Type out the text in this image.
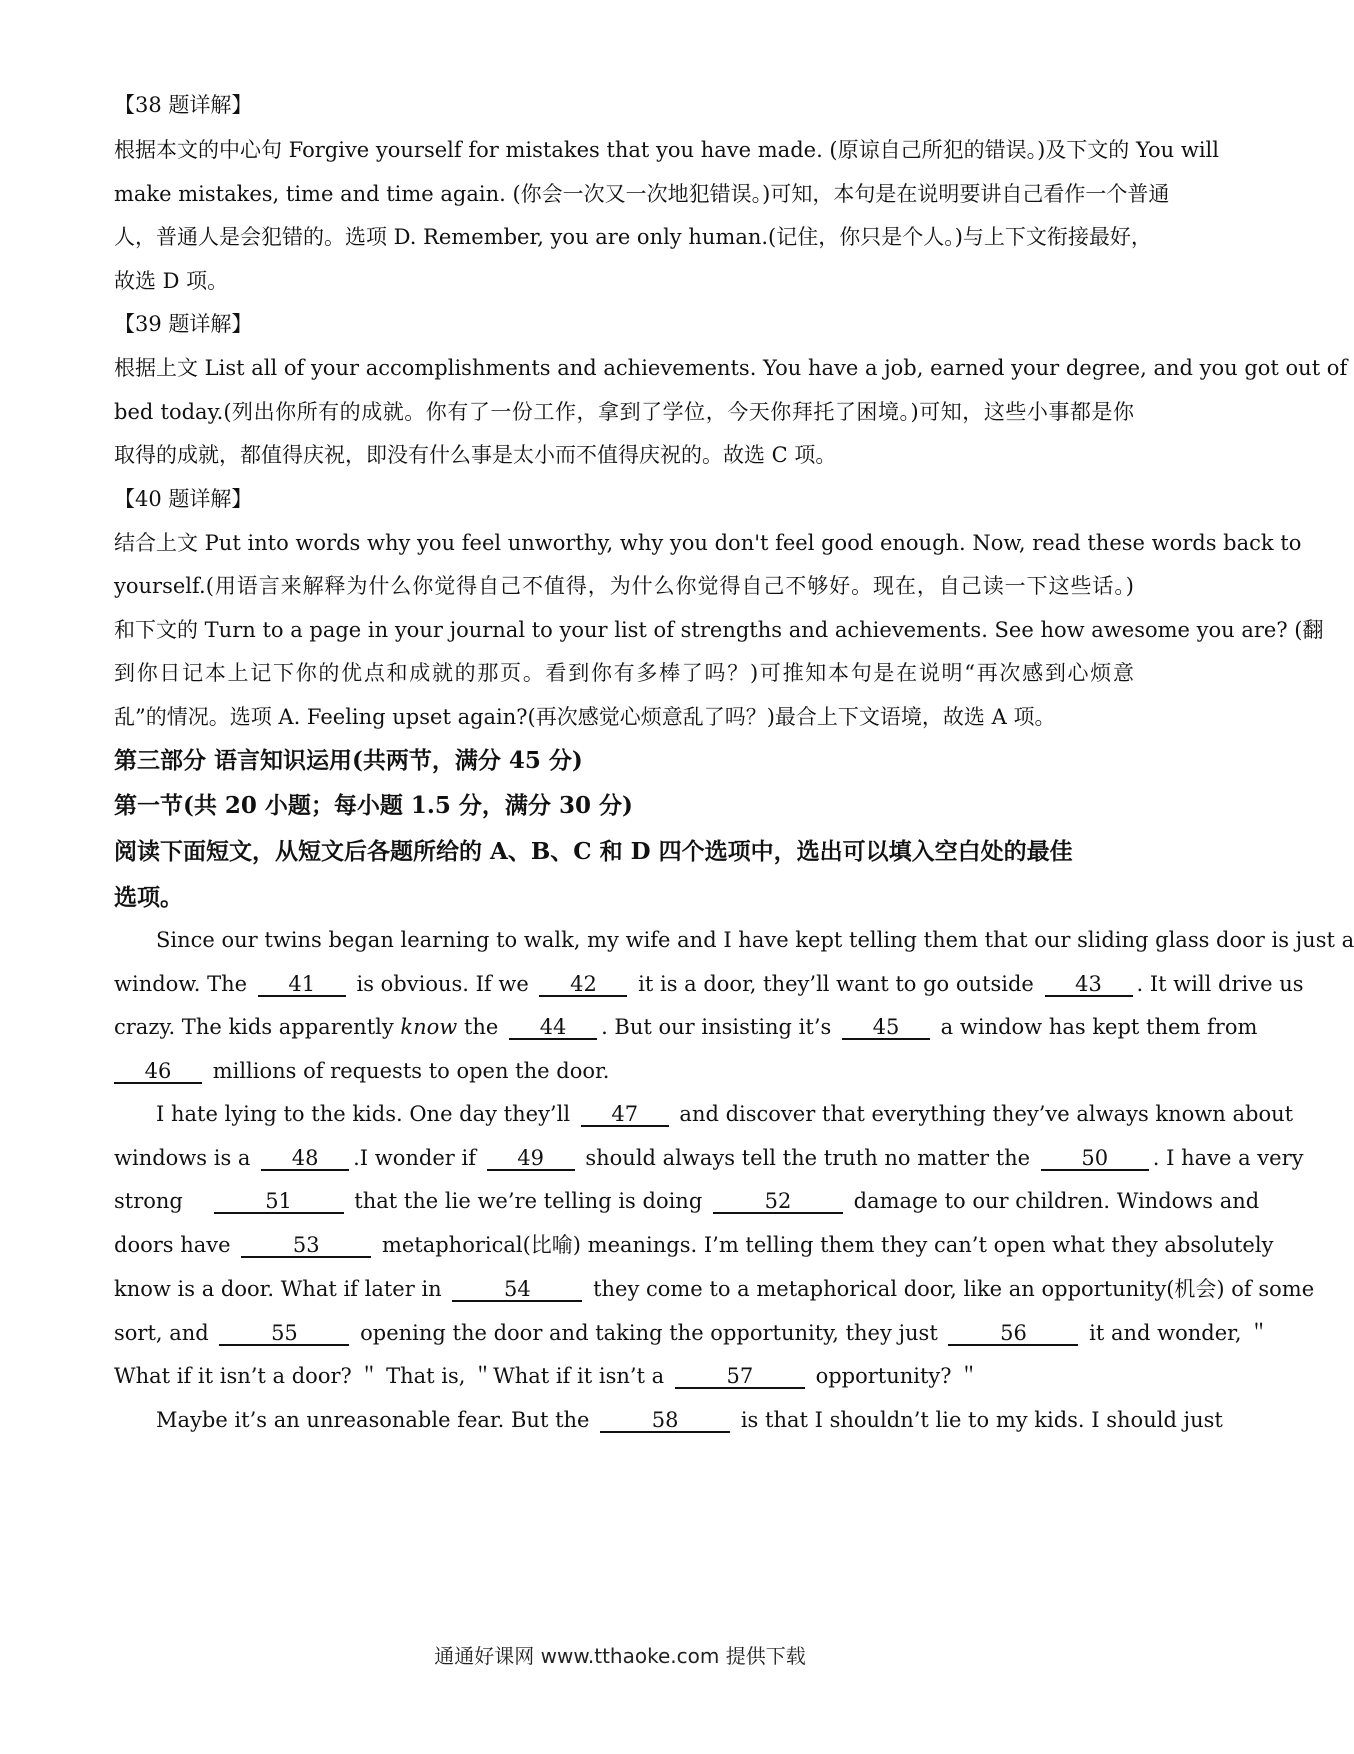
【38 题详解】
根据本文的中心句 Forgive yourself for mistakes that you have made. (原谅自己所犯的错误。)及下文的 You will
make mistakes, time and time again. (你会一次又一次地犯错误。)可知，本句是在说明要讲自己看作一个普通
人，普通人是会犯错的。选项 D. Remember, you are only human.(记住，你只是个人。)与上下文衔接最好，
故选 D 项。
【39 题详解】
根据上文 List all of your accomplishments and achievements. You have a job, earned your degree, and you got out of
bed today.(列出你所有的成就。你有了一份工作，拿到了学位，今天你拜托了困境。)可知，这些小事都是你
取得的成就，都值得庆祝，即没有什么事是太小而不值得庆祝的。故选 C 项。
【40 题详解】
结合上文 Put into words why you feel unworthy, why you don't feel good enough. Now, read these words back to
yourself.(用语言来解释为什么你觉得自己不值得，为什么你觉得自己不够好。现在，自己读一下这些话。)
和下文的 Turn to a page in your journal to your list of strengths and achievements. See how awesome you are? (翻
到你日记本上记下你的优点和成就的那页。看到你有多棒了吗？)可推知本句是在说明“再次感到心烦意
乱”的情况。选项 A. Feeling upset again?(再次感觉心烦意乱了吗？)最合上下文语境，故选 A 项。
第三部分 语言知识运用(共两节，满分 45 分)
第一节(共 20 小题；每小题 1.5 分，满分 30 分)
阅读下面短文，从短文后各题所给的 A、B、C 和 D 四个选项中，选出可以填入空白处的最佳
选项。
Since our twins began learning to walk, my wife and I have kept telling them that our sliding glass door is just a
window. The 41 is obvious. If we 42 it is a door, they’ll want to go outside 43 . It will drive us
crazy. The kids apparently know the 44 . But our insisting it’s 45 a window has kept them from
46 millions of requests to open the door.
I hate lying to the kids. One day they’ll 47 and discover that everything they’ve always known about
windows is a 48 .I wonder if 49 should always tell the truth no matter the 50 . I have a very
strong	51	that the lie we’re telling is doing	52	damage to our children. Windows and
doors have	53	metaphorical(比喻) meanings. I’m telling them they can’t open what they absolutely
know is a door. What if later in	54	they come to a metaphorical door, like an opportunity(机会) of some
sort, and	55	opening the door and taking the opportunity, they just	56	it and wonder, ＂
What if it isn’t a door? ＂ That is, ＂What if it isn’t a	57	opportunity? ＂
Maybe it’s an unreasonable fear. But the	58	is that I shouldn’t lie to my kids. I should just
通通好课网 www.tthaoke.com 提供下载
